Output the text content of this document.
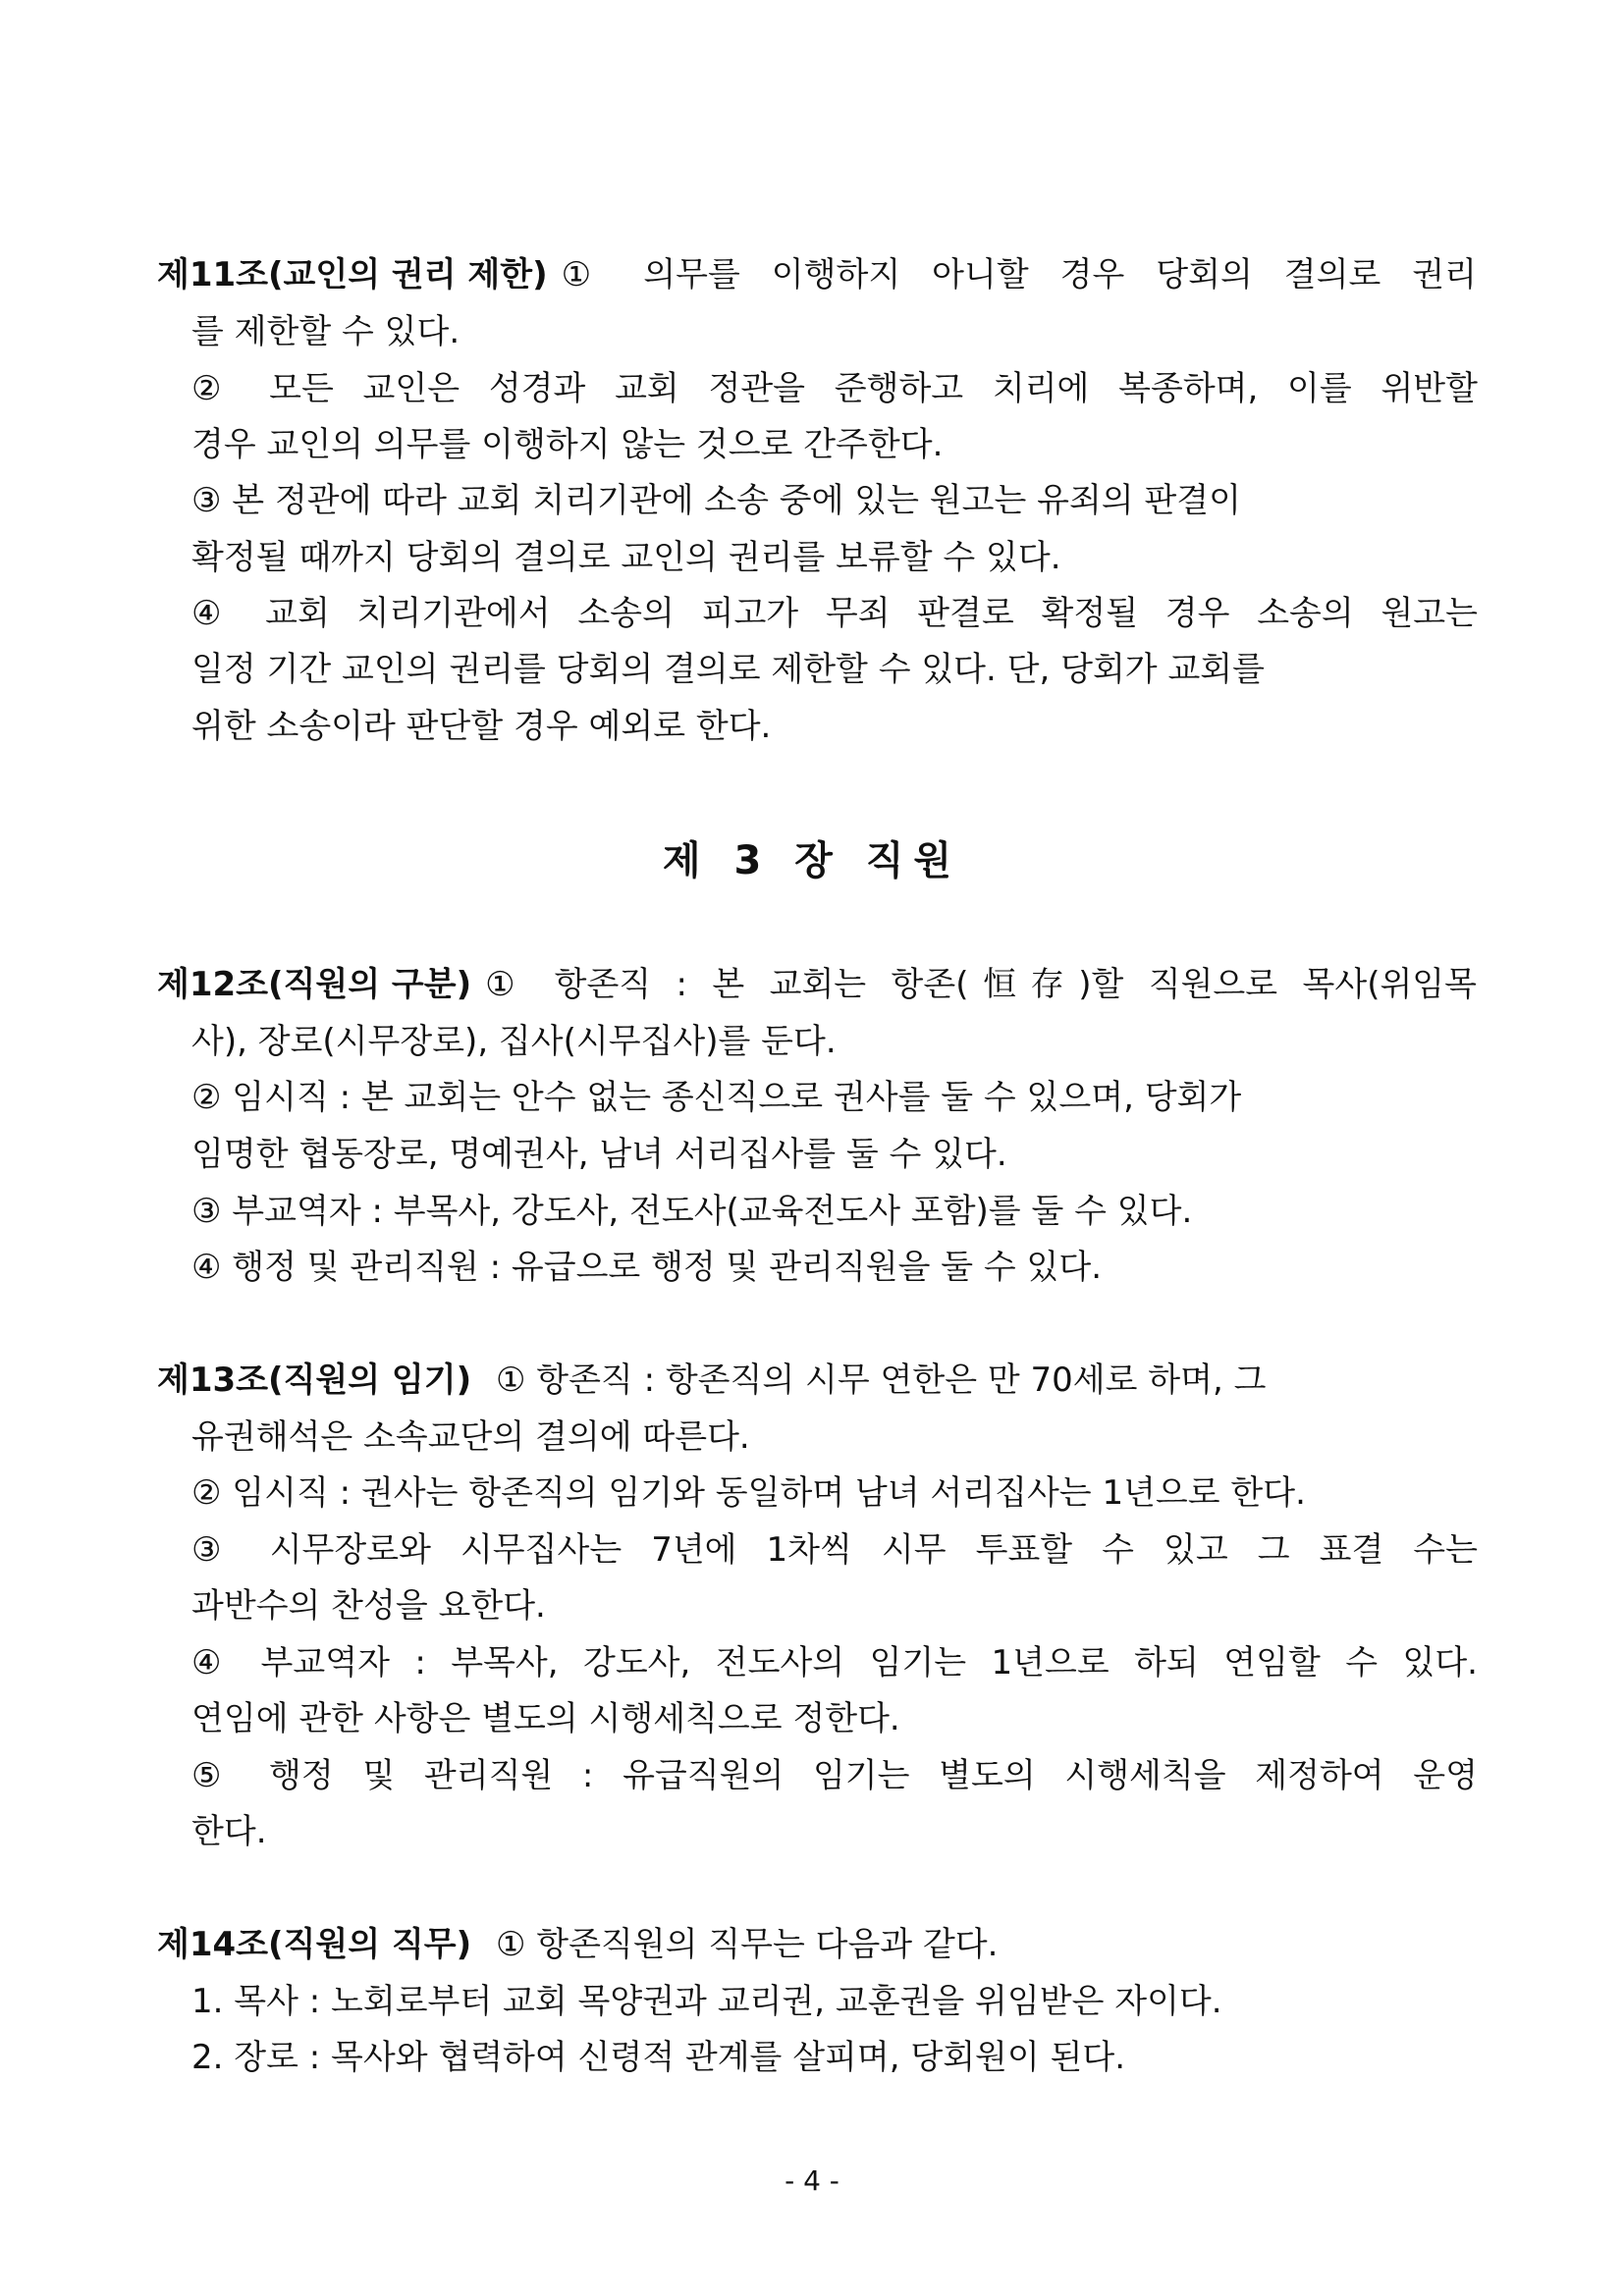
제11조(교인의 권리 제한) ① 의무를 이행하지 아니할 경우 당회의 결의로 권리
를 제한할 수 있다.
② 모든 교인은 성경과 교회 정관을 준행하고 치리에 복종하며, 이를 위반할
경우 교인의 의무를 이행하지 않는 것으로 간주한다.
③ 본 정관에 따라 교회 치리기관에 소송 중에 있는 원고는 유죄의 판결이
확정될 때까지 당회의 결의로 교인의 권리를 보류할 수 있다.
④ 교회 치리기관에서 소송의 피고가 무죄 판결로 확정될 경우 소송의 원고는
일정 기간 교인의 권리를 당회의 결의로 제한할 수 있다. 단, 당회가 교회를
위한 소송이라 판단할 경우 예외로 한다.
제 3 장 직원
제12조(직원의 구분) ① 항존직 : 본 교회는 항존(恒存)할 직원으로 목사(위임목
사), 장로(시무장로), 집사(시무집사)를 둔다.
② 임시직 : 본 교회는 안수 없는 종신직으로 권사를 둘 수 있으며, 당회가
임명한 협동장로, 명예권사, 남녀 서리집사를 둘 수 있다.
③ 부교역자 : 부목사, 강도사, 전도사(교육전도사 포함)를 둘 수 있다.
④ 행정 및 관리직원 : 유급으로 행정 및 관리직원을 둘 수 있다.
제13조(직원의 임기) ① 항존직 : 항존직의 시무 연한은 만 70세로 하며, 그
유권해석은 소속교단의 결의에 따른다.
② 임시직 : 권사는 항존직의 임기와 동일하며 남녀 서리집사는 1년으로 한다.
③ 시무장로와 시무집사는 7년에 1차씩 시무 투표할 수 있고 그 표결 수는
과반수의 찬성을 요한다.
④ 부교역자 : 부목사, 강도사, 전도사의 임기는 1년으로 하되 연임할 수 있다.
연임에 관한 사항은 별도의 시행세칙으로 정한다.
⑤ 행정 및 관리직원 : 유급직원의 임기는 별도의 시행세칙을 제정하여 운영
한다.
제14조(직원의 직무) ① 항존직원의 직무는 다음과 같다.
1. 목사 : 노회로부터 교회 목양권과 교리권, 교훈권을 위임받은 자이다.
2. 장로 : 목사와 협력하여 신령적 관계를 살피며, 당회원이 된다.
- 4 -
